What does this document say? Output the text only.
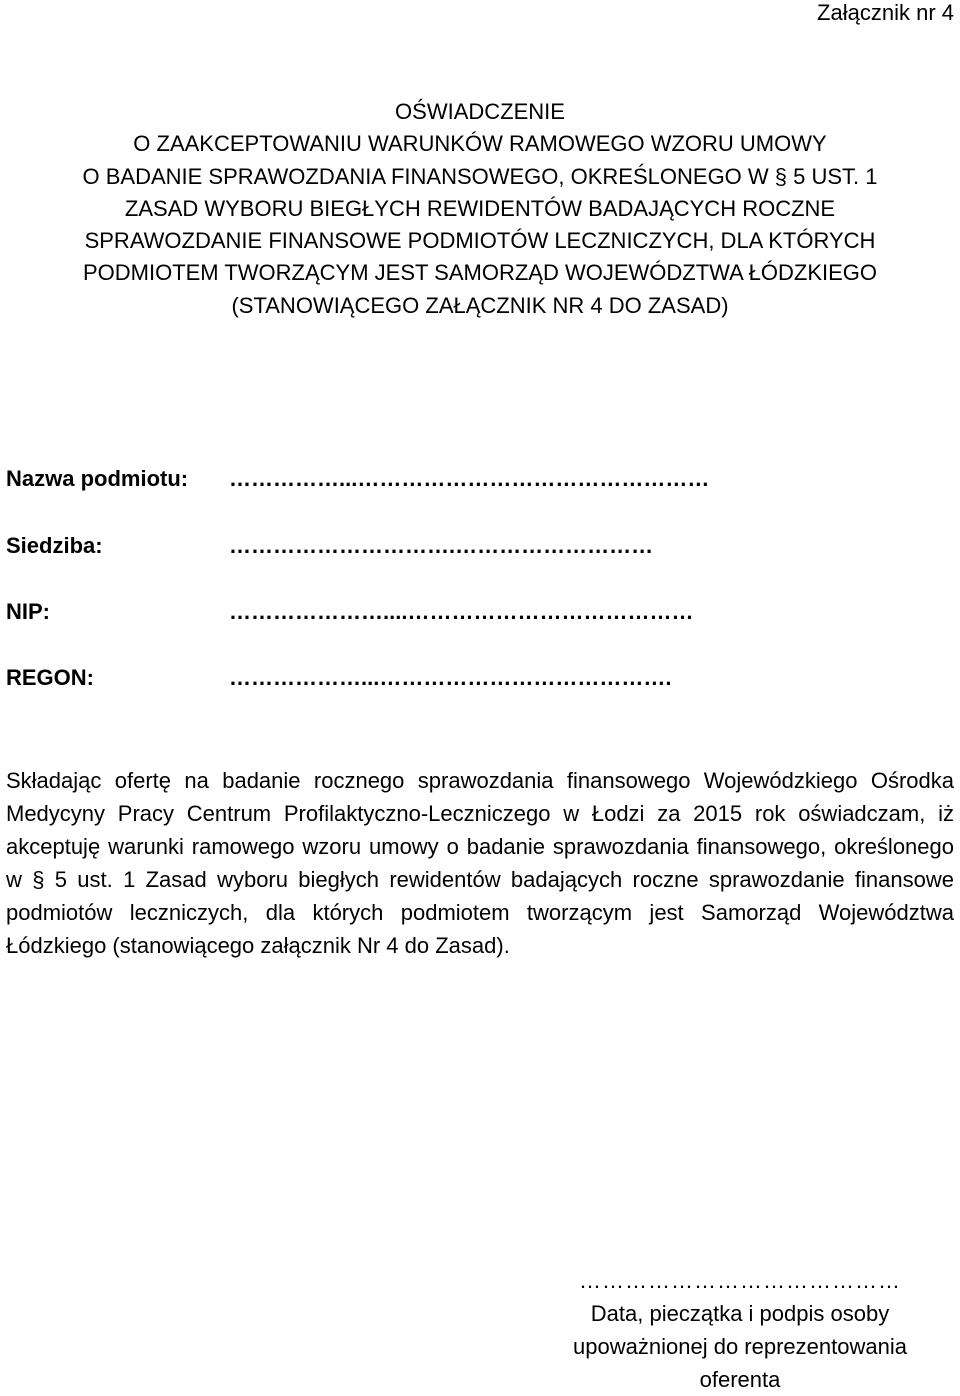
Załącznik nr 4
OŚWIADCZENIE
O ZAAKCEPTOWANIU WARUNKÓW RAMOWEGO WZORU UMOWY
O BADANIE SPRAWOZDANIA FINANSOWEGO, OKREŚLONEGO W § 5 UST. 1
ZASAD WYBORU BIEGŁYCH REWIDENTÓW BADAJĄCYCH ROCZNE
SPRAWOZDANIE FINANSOWE PODMIOTÓW LECZNICZYCH, DLA KTÓRYCH
PODMIOTEM TWORZĄCYM JEST SAMORZĄD WOJEWÓDZTWA ŁÓDZKIEGO
(STANOWIĄCEGO ZAŁĄCZNIK NR 4 DO ZASAD)
Nazwa podmiotu: ……………...…………………………………………
Siedziba:	………………………….………………………
NIP:	…………………....…………………………………
REGON:	………………...………………………………….
Składając ofertę na badanie rocznego sprawozdania finansowego Wojewódzkiego Ośrodka Medycyny Pracy Centrum Profilaktyczno-Leczniczego w Łodzi za 2015 rok oświadczam, iż akceptuję warunki ramowego wzoru umowy o badanie sprawozdania finansowego, określonego w § 5 ust. 1 Zasad wyboru biegłych rewidentów badających roczne sprawozdanie finansowe podmiotów leczniczych, dla których podmiotem tworzącym jest Samorząd Województwa Łódzkiego (stanowiącego załącznik Nr 4 do Zasad).
……………………………………
Data, pieczątka i podpis osoby
upoważnionej do reprezentowania
oferenta
